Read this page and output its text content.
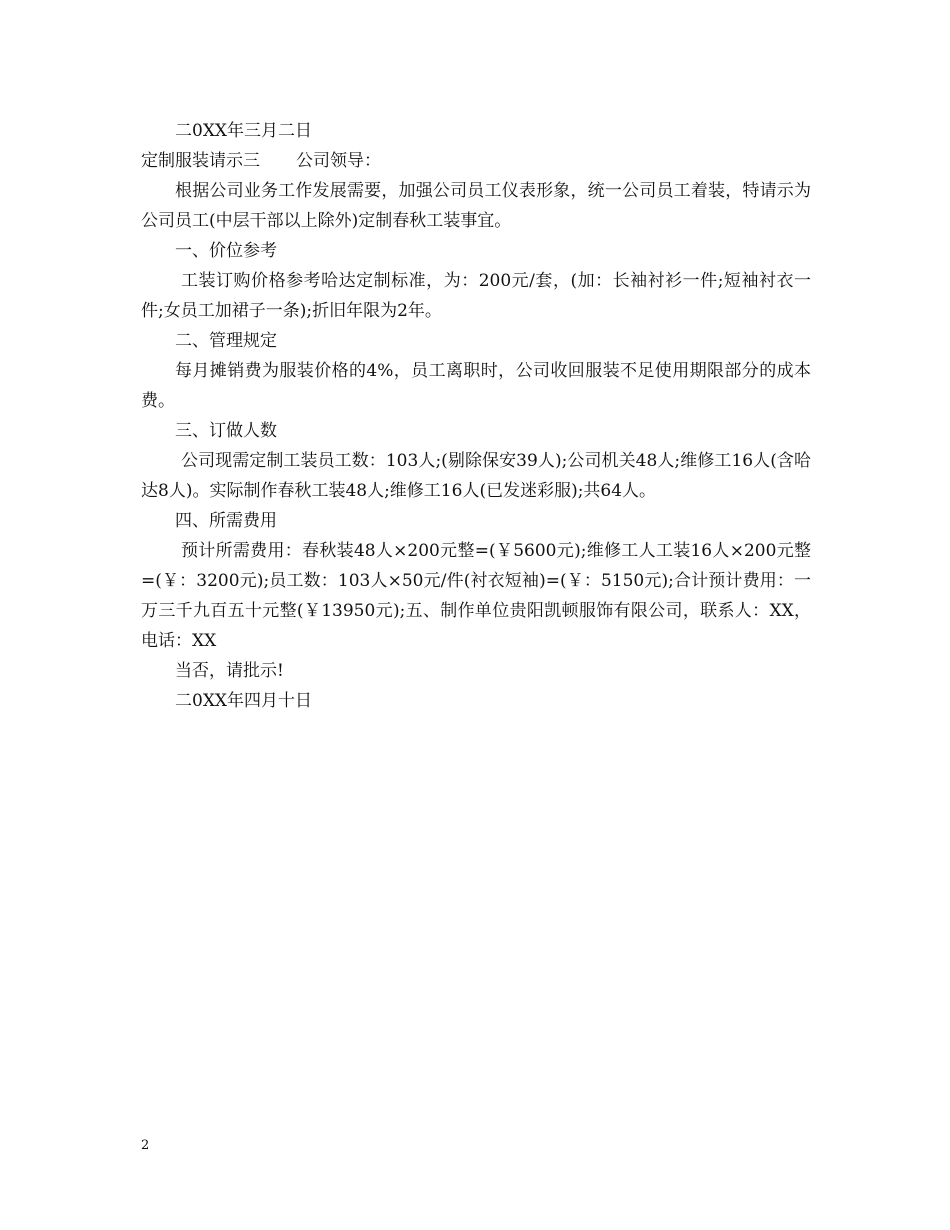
二0XX年三月二日
定制服装请示三 公司领导：
根据公司业务工作发展需要，加强公司员工仪表形象，统一公司员工着装，特请示为公司员工(中层干部以上除外)定制春秋工装事宜。
一、价位参考
工装订购价格参考哈达定制标准，为：200元/套，(加：长袖衬衫一件;短袖衬衣一件;女员工加裙子一条);折旧年限为2年。
二、管理规定
每月摊销费为服装价格的4%，员工离职时，公司收回服装不足使用期限部分的成本费。
三、订做人数
公司现需定制工装员工数：103人;(剔除保安39人);公司机关48人;维修工16人(含哈达8人)。实际制作春秋工装48人;维修工16人(已发迷彩服);共64人。
四、所需费用
预计所需费用：春秋装48人×200元整=(￥5600元);维修工人工装16人×200元整=(￥：3200元);员工数：103人×50元/件(衬衣短袖)=(￥：5150元);合计预计费用：一万三千九百五十元整(￥13950元);五、制作单位贵阳凯顿服饰有限公司，联系人：XX，电话：XX
当否，请批示!
二0XX年四月十日
2
